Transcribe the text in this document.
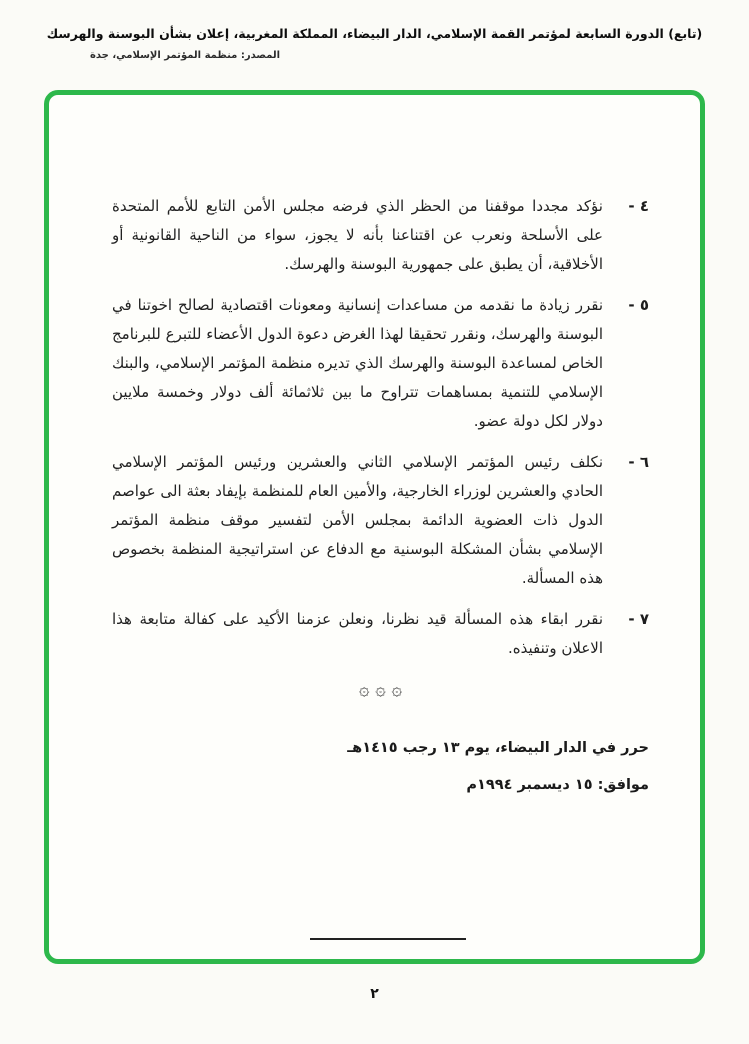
(تابع) الدورة السابعة لمؤتمر القمة الإسلامي، الدار البيضاء، المملكة المغربية، إعلان بشأن البوسنة والهرسك
المصدر: منظمة المؤتمر الإسلامي، جدة
٤ -
نؤكد مجددا موقفنا من الحظر الذي فرضه مجلس الأمن التابع للأمم المتحدة على الأسلحة ونعرب عن اقتناعنا بأنه لا يجوز، سواء من الناحية القانونية أو الأخلاقية، أن يطبق على جمهورية البوسنة والهرسك.
٥ -
نقرر زيادة ما نقدمه من مساعدات إنسانية ومعونات اقتصادية لصالح اخوتنا في البوسنة والهرسك، ونقرر تحقيقا لهذا الغرض دعوة الدول الأعضاء للتبرع للبرنامج الخاص لمساعدة البوسنة والهرسك الذي تديره منظمة المؤتمر الإسلامي، والبنك الإسلامي للتنمية بمساهمات تتراوح ما بين ثلاثمائة ألف دولار وخمسة ملايين دولار لكل دولة عضو.
٦ -
نكلف رئيس المؤتمر الإسلامي الثاني والعشرين ورئيس المؤتمر الإسلامي الحادي والعشرين لوزراء الخارجية، والأمين العام للمنظمة بإيفاد بعثة الى عواصم الدول ذات العضوية الدائمة بمجلس الأمن لتفسير موقف منظمة المؤتمر الإسلامي بشأن المشكلة البوسنية مع الدفاع عن استراتيجية المنظمة بخصوص هذه المسألة.
٧ -
نقرر ابقاء هذه المسألة قيد نظرنا، ونعلن عزمنا الأكيد على كفالة متابعة هذا الاعلان وتنفيذه.
۞ ۞ ۞
حرر في الدار البيضاء، يوم ١٣ رجب ١٤١٥هـ
موافق: ١٥ ديسمبر ١٩٩٤م
٢
